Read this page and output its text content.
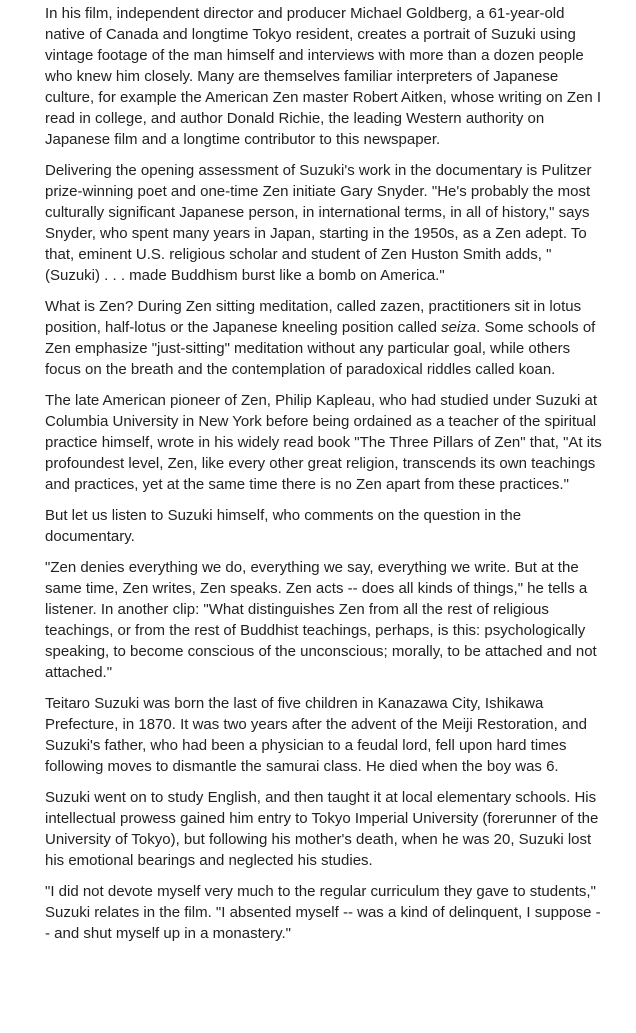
In his film, independent director and producer Michael Goldberg, a 61-year-old native of Canada and longtime Tokyo resident, creates a portrait of Suzuki using vintage footage of the man himself and interviews with more than a dozen people who knew him closely. Many are themselves familiar interpreters of Japanese culture, for example the American Zen master Robert Aitken, whose writing on Zen I read in college, and author Donald Richie, the leading Western authority on Japanese film and a longtime contributor to this newspaper.

Delivering the opening assessment of Suzuki's work in the documentary is Pulitzer prize-winning poet and one-time Zen initiate Gary Snyder. "He's probably the most culturally significant Japanese person, in international terms, in all of history," says Snyder, who spent many years in Japan, starting in the 1950s, as a Zen adept. To that, eminent U.S. religious scholar and student of Zen Huston Smith adds, "(Suzuki) . . . made Buddhism burst like a bomb on America."

What is Zen? During Zen sitting meditation, called zazen, practitioners sit in lotus position, half-lotus or the Japanese kneeling position called seiza. Some schools of Zen emphasize "just-sitting" meditation without any particular goal, while others focus on the breath and the contemplation of paradoxical riddles called koan.

The late American pioneer of Zen, Philip Kapleau, who had studied under Suzuki at Columbia University in New York before being ordained as a teacher of the spiritual practice himself, wrote in his widely read book "The Three Pillars of Zen" that, "At its profoundest level, Zen, like every other great religion, transcends its own teachings and practices, yet at the same time there is no Zen apart from these practices."

But let us listen to Suzuki himself, who comments on the question in the documentary.

"Zen denies everything we do, everything we say, everything we write. But at the same time, Zen writes, Zen speaks. Zen acts -- does all kinds of things," he tells a listener. In another clip: "What distinguishes Zen from all the rest of religious teachings, or from the rest of Buddhist teachings, perhaps, is this: psychologically speaking, to become conscious of the unconscious; morally, to be attached and not attached."

Teitaro Suzuki was born the last of five children in Kanazawa City, Ishikawa Prefecture, in 1870. It was two years after the advent of the Meiji Restoration, and Suzuki's father, who had been a physician to a feudal lord, fell upon hard times following moves to dismantle the samurai class. He died when the boy was 6.

Suzuki went on to study English, and then taught it at local elementary schools. His intellectual prowess gained him entry to Tokyo Imperial University (forerunner of the University of Tokyo), but following his mother's death, when he was 20, Suzuki lost his emotional bearings and neglected his studies.

"I did not devote myself very much to the regular curriculum they gave to students," Suzuki relates in the film. "I absented myself -- was a kind of delinquent, I suppose -- and shut myself up in a monastery."
